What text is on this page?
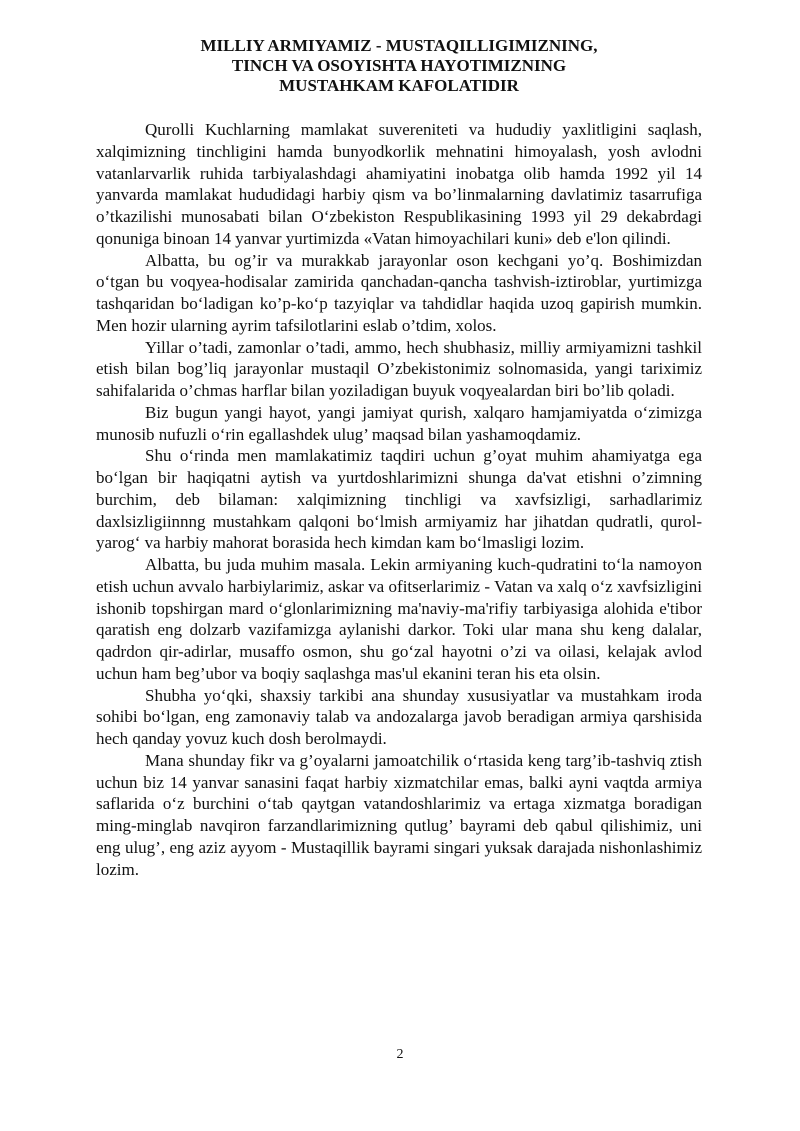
MILLIY ARMIYAMIZ - MUSTAQILLIGIMIZNING,
TINCH VA OSOYISHTA HAYOTIMIZNING
MUSTAHKAM KAFOLATIDIR

Qurolli Kuchlarning mamlakat suvereniteti va hududiy yaxlitligini saqlash, xalqimizning tinchligini hamda bunyodkorlik mehnatini himoyalash, yosh avlodni vatanlarvarlik ruhida tarbiyalashdagi ahamiyatini inobatga olib hamda 1992 yil 14 yanvarda mamlakat hududidagi harbiy qism va bo’linmalarning davlatimiz tasarrufiga o’tkazilishi munosabati bilan O‘zbekiston Respublikasining 1993 yil 29 dekabrdagi qonuniga binoan 14 yanvar yurtimizda «Vatan himoyachilari kuni» deb e'lon qilindi.

Albatta, bu og’ir va murakkab jarayonlar oson kechgani yo’q. Boshimizdan o‘tgan bu voqyea-hodisalar zamirida qanchadan-qancha tashvish-iztiroblar, yurtimizga tashqaridan bo‘ladigan ko’p-ko‘p tazyiqlar va tahdidlar haqida uzoq gapirish mumkin. Men hozir ularning ayrim tafsilotlarini eslab o’tdim, xolos.

Yillar o’tadi, zamonlar o’tadi, ammo, hech shubhasiz, milliy armiyamizni tashkil etish bilan bog’liq jarayonlar mustaqil O’zbekistonimiz solnomasida, yangi tariximiz sahifalarida o’chmas harflar bilan yoziladigan buyuk voqyealardan biri bo’lib qoladi.

Biz bugun yangi hayot, yangi jamiyat qurish, xalqaro hamjamiyatda o‘zimizga munosib nufuzli o‘rin egallashdek ulug’ maqsad bilan yashamoqdamiz.

Shu o‘rinda men mamlakatimiz taqdiri uchun g’oyat muhim ahamiyatga ega bo‘lgan bir haqiqatni aytish va yurtdoshlarimizni shunga da'vat etishni o’zimning burchim, deb bilaman: xalqimizning tinchligi va xavfsizligi, sarhadlarimiz daxlsizligiinnng mustahkam qalqoni bo‘lmish armiyamiz har jihatdan qudratli, qurol-yarog‘ va harbiy mahorat borasida hech kimdan kam bo‘lmasligi lozim.

Albatta, bu juda muhim masala. Lekin armiyaning kuch-qudratini to‘la namoyon etish uchun avvalo harbiylarimiz, askar va ofitserlarimiz - Vatan va xalq o‘z xavfsizligini ishonib topshirgan mard o‘glonlarimizning ma'naviy-ma'rifiy tarbiyasiga alohida e'tibor qaratish eng dolzarb vazifamizga aylanishi darkor. Toki ular mana shu keng dalalar, qadrdon qir-adirlar, musaffo osmon, shu go‘zal hayotni o’zi va oilasi, kelajak avlod uchun ham beg’ubor va boqiy saqlashga mas'ul ekanini teran his eta olsin.

Shubha yo‘qki, shaxsiy tarkibi ana shunday xususiyatlar va mustahkam iroda sohibi bo‘lgan, eng zamonaviy talab va andozalarga javob beradigan armiya qarshisida hech qanday yovuz kuch dosh berolmaydi.

Mana shunday fikr va g’oyalarni jamoatchilik o‘rtasida keng targ’ib-tashviq ztish uchun biz 14 yanvar sanasini faqat harbiy xizmatchilar emas, balki ayni vaqtda armiya saflarida o‘z burchini o‘tab qaytgan vatandoshlarimiz va ertaga xizmatga boradigan ming-minglab navqiron farzandlarimizning qutlug’ bayrami deb qabul qilishimiz, uni eng ulug’, eng aziz ayyom - Mustaqillik bayrami singari yuksak darajada nishonlashimiz lozim.

2
